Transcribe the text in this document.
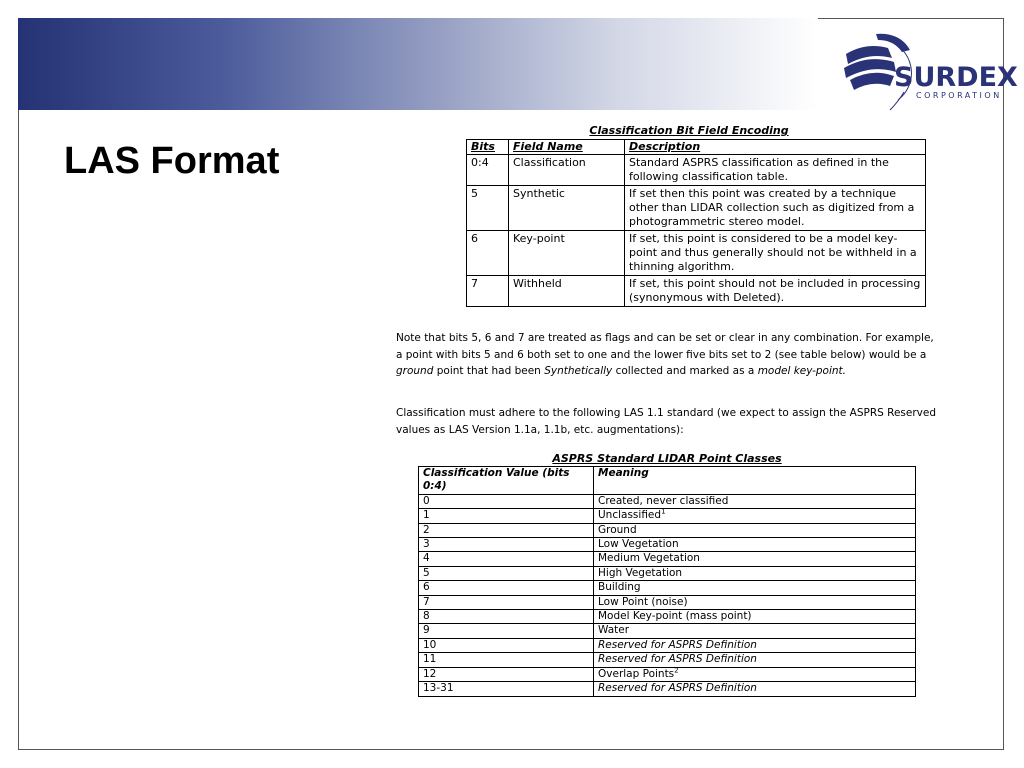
SURDEX
CORPORATION
LAS Format
Classification Bit Field Encoding
Bits	Field Name	Description
0:4	Classification	Standard ASPRS classification as defined in the following classification table.
5	Synthetic	If set then this point was created by a technique other than LIDAR collection such as digitized from a photogrammetric stereo model.
6	Key-point	If set, this point is considered to be a model key-point and thus generally should not be withheld in a thinning algorithm.
7	Withheld	If set, this point should not be included in processing (synonymous with Deleted).

Note that bits 5, 6 and 7 are treated as flags and can be set or clear in any combination. For example, a point with bits 5 and 6 both set to one and the lower five bits set to 2 (see table below) would be a ground point that had been Synthetically collected and marked as a model key-point.

Classification must adhere to the following LAS 1.1 standard (we expect to assign the ASPRS Reserved values as LAS Version 1.1a, 1.1b, etc. augmentations):

ASPRS Standard LIDAR Point Classes
Classification Value (bits 0:4)	Meaning
0	Created, never classified
1	Unclassified$^1$
2	Ground
3	Low Vegetation
4	Medium Vegetation
5	High Vegetation
6	Building
7	Low Point (noise)
8	Model Key-point (mass point)
9	Water
10	Reserved for ASPRS Definition
11	Reserved for ASPRS Definition
12	Overlap Points$^2$
13-31	Reserved for ASPRS Definition
